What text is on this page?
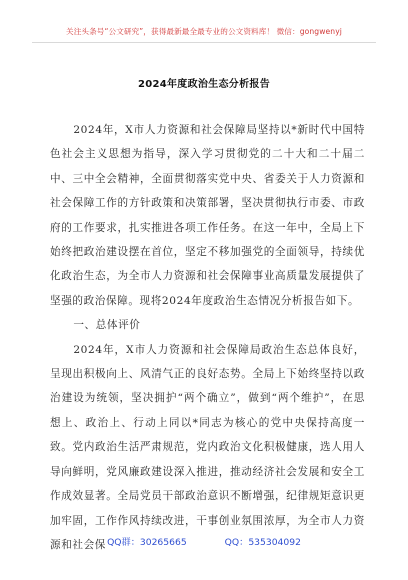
关注头条号“公文研究”，获得最新最全最专业的公文资料库！ 微信：gongwenyj
2024年度政治生态分析报告

2024年，X市人力资源和社会保障局坚持以*新时代中国特色社会主义思想为指导，深入学习贯彻党的二十大和二十届二中、三中全会精神，全面贯彻落实党中央、省委关于人力资源和社会保障工作的方针政策和决策部署，坚决贯彻执行市委、市政府的工作要求，扎实推进各项工作任务。在这一年中，全局上下始终把政治建设摆在首位，坚定不移加强党的全面领导，持续优化政治生态，为全市人力资源和社会保障事业高质量发展提供了坚强的政治保障。现将2024年度政治生态情况分析报告如下。

一、总体评价

2024年，X市人力资源和社会保障局政治生态总体良好，呈现出积极向上、风清气正的良好态势。全局上下始终坚持以政治建设为统领，坚决拥护“两个确立”，做到“两个维护”，在思想上、政治上、行动上同以*同志为核心的党中央保持高度一致。党内政治生活严肃规范，党内政治文化积极健康，选人用人导向鲜明，党风廉政建设深入推进，推动经济社会发展和安全工作成效显著。全局党员干部政治意识不断增强，纪律规矩意识更加牢固，工作作风持续改进，干事创业氛围浓厚，为全市人力资源和社会保 QQ群：30265665	QQ：535304092
